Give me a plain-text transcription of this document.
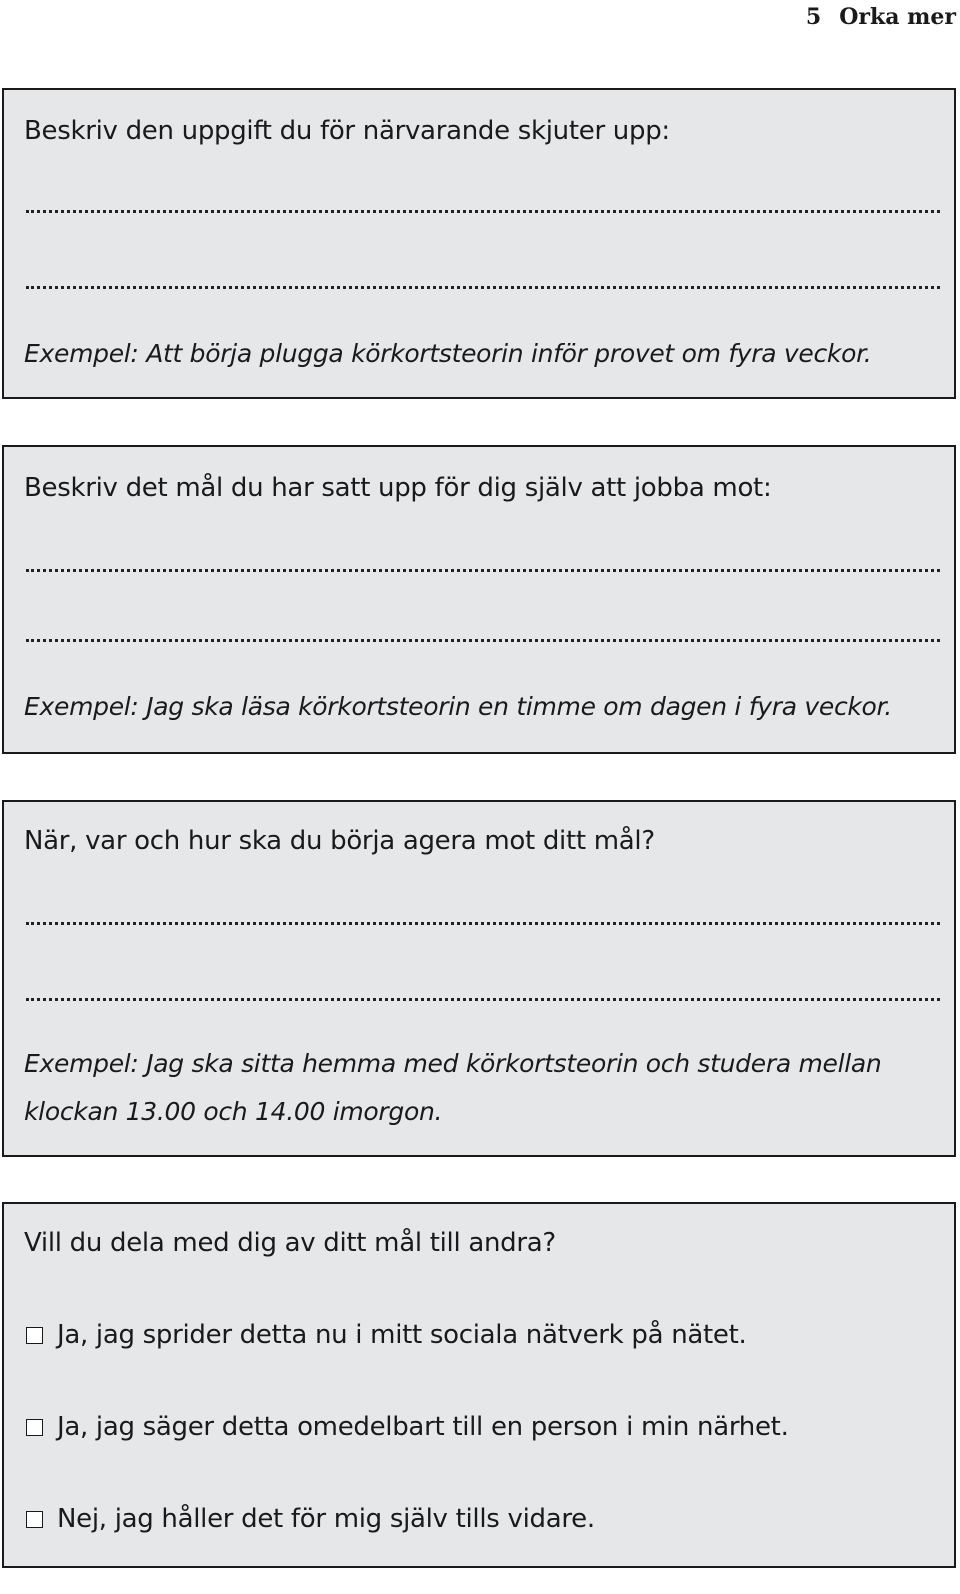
5 Orka mer
Beskriv den uppgift du för närvarande skjuter upp:
Exempel: Att börja plugga körkortsteorin inför provet om fyra veckor.
Beskriv det mål du har satt upp för dig själv att jobba mot:
Exempel: Jag ska läsa körkortsteorin en timme om dagen i fyra veckor.
När, var och hur ska du börja agera mot ditt mål?
Exempel: Jag ska sitta hemma med körkortsteorin och studera mellan klockan 13.00 och 14.00 imorgon.
Vill du dela med dig av ditt mål till andra?
Ja, jag sprider detta nu i mitt sociala nätverk på nätet.
Ja, jag säger detta omedelbart till en person i min närhet.
Nej, jag håller det för mig själv tills vidare.
